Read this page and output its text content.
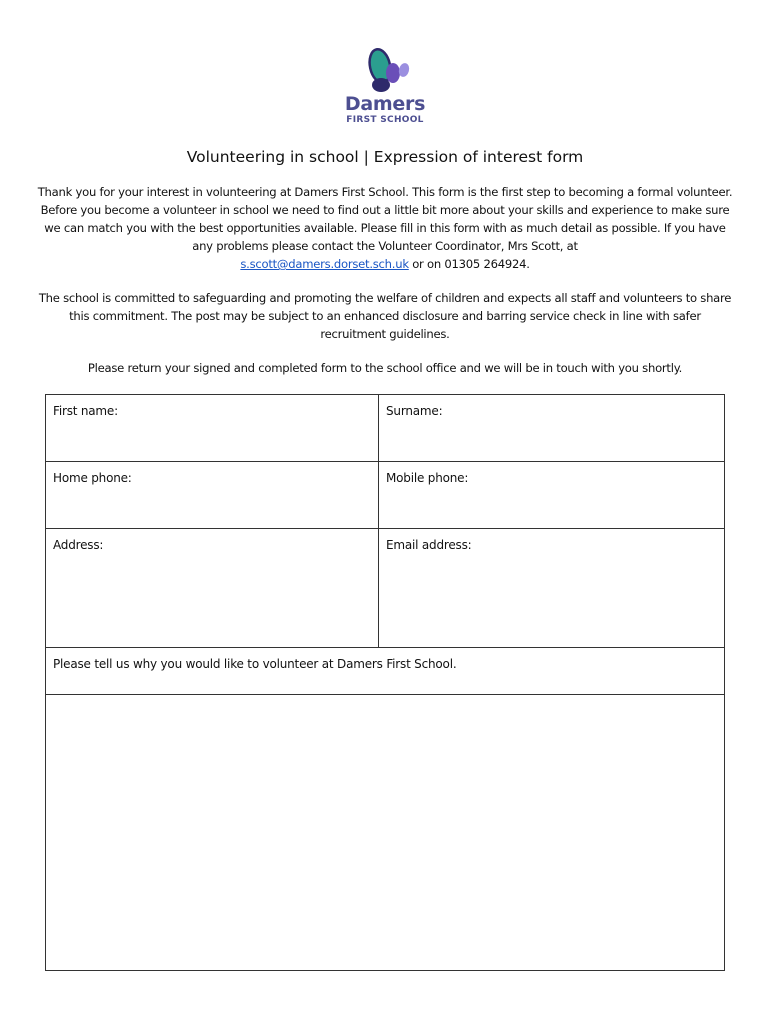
Damers
FIRST SCHOOL
Volunteering in school | Expression of interest form
Thank you for your interest in volunteering at Damers First School. This form is the first step to becoming a formal volunteer. Before you become a volunteer in school we need to find out a little bit more about your skills and experience to make sure we can match you with the best opportunities available. Please fill in this form with as much detail as possible. If you have any problems please contact the Volunteer Coordinator, Mrs Scott, at
s.scott@damers.dorset.sch.uk or on 01305 264924.
The school is committed to safeguarding and promoting the welfare of children and expects all staff and volunteers to share this commitment. The post may be subject to an enhanced disclosure and barring service check in line with safer recruitment guidelines.
Please return your signed and completed form to the school office and we will be in touch with you shortly.
First name:	Surname:
Home phone:	Mobile phone:
Address:	Email address:
Please tell us why you would like to volunteer at Damers First School.
